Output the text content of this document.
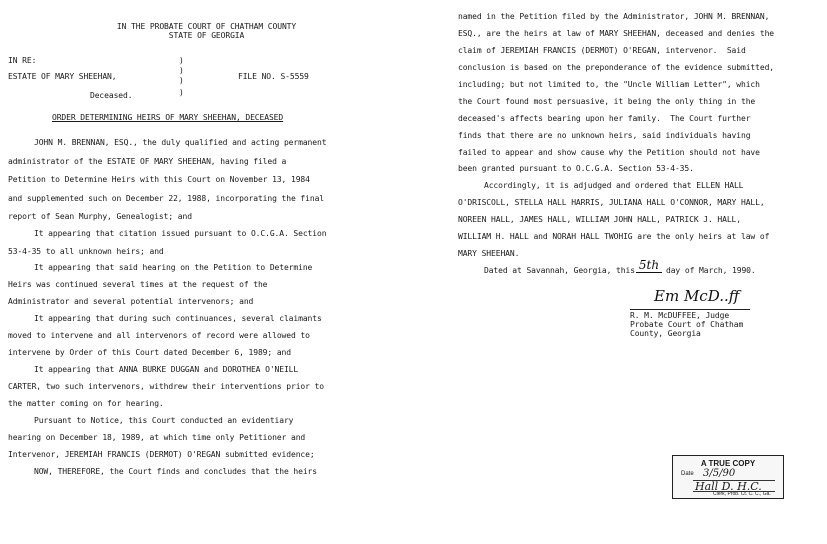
IN THE PROBATE COURT OF CHATHAM COUNTY
STATE OF GEORGIA
IN RE:
ESTATE OF MARY SHEEHAN,
Deceased.
)
)
)
)
FILE NO. S-5559
ORDER DETERMINING HEIRS OF MARY SHEEHAN, DECEASED
JOHN M. BRENNAN, ESQ., the duly qualified and acting permanent
administrator of the ESTATE OF MARY SHEEHAN, having filed a
Petition to Determine Heirs with this Court on November 13, 1984
and supplemented such on December 22, 1988, incorporating the final
report of Sean Murphy, Genealogist; and
It appearing that citation issued pursuant to O.C.G.A. Section
53-4-35 to all unknown heirs; and
It appearing that said hearing on the Petition to Determine
Heirs was continued several times at the request of the
Administrator and several potential intervenors; and
It appearing that during such continuances, several claimants
moved to intervene and all intervenors of record were allowed to
intervene by Order of this Court dated December 6, 1989; and
It appearing that ANNA BURKE DUGGAN and DOROTHEA O'NEILL
CARTER, two such intervenors, withdrew their interventions prior to
the matter coming on for hearing.
Pursuant to Notice, this Court conducted an evidentiary
hearing on December 18, 1989, at which time only Petitioner and
Intervenor, JEREMIAH FRANCIS (DERMOT) O'REGAN submitted evidence;
NOW, THEREFORE, the Court finds and concludes that the heirs
named in the Petition filed by the Administrator, JOHN M. BRENNAN,
ESQ., are the heirs at law of MARY SHEEHAN, deceased and denies the
claim of JEREMIAH FRANCIS (DERMOT) O'REGAN, intervenor.  Said
conclusion is based on the preponderance of the evidence submitted,
including; but not limited to, the "Uncle William Letter", which
the Court found most persuasive, it being the only thing in the
deceased's affects bearing upon her family.  The Court further
finds that there are no unknown heirs, said individuals having
failed to appear and show cause why the Petition should not have
been granted pursuant to O.C.G.A. Section 53-4-35.
Accordingly, it is adjudged and ordered that ELLEN HALL
O'DRISCOLL, STELLA HALL HARRIS, JULIANA HALL O'CONNOR, MARY HALL,
NOREEN HALL, JAMES HALL, WILLIAM JOHN HALL, PATRICK J. HALL,
WILLIAM H. HALL and NORAH HALL TWOHIG are the only heirs at law of
MARY SHEEHAN.
Dated at Savannah, Georgia, this 5th day of March, 1990.
Em McD..ff
R. M. McDUFFEE, Judge
Probate Court of Chatham
County, Georgia
A TRUE COPY
Date 3/5/90
Hall D. H.C.
Clerk, Prob. Ct. C. C., Ga.
